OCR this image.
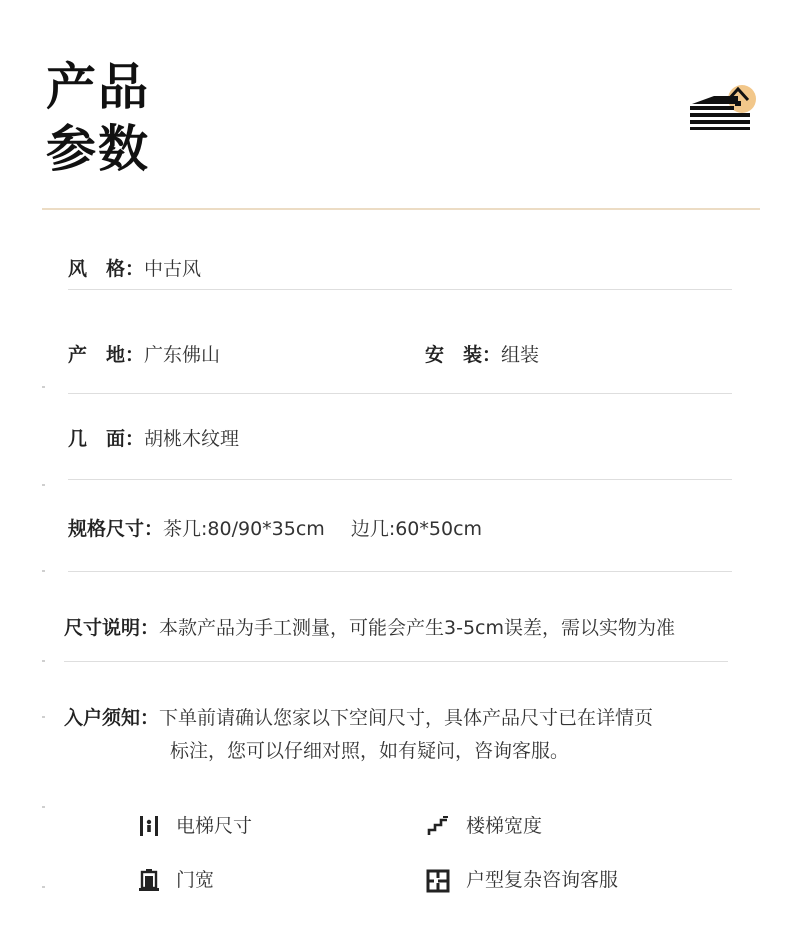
产品
参数
风　格：中古风
产　地：广东佛山	安　装：组装
几　面：胡桃木纹理
规格尺寸：茶几:80/90*35cm 边几:60*50cm
尺寸说明：本款产品为手工测量，可能会产生3-5cm误差，需以实物为准
入户须知：下单前请确认您家以下空间尺寸，具体产品尺寸已在详情页
标注，您可以仔细对照，如有疑问，咨询客服。
电梯尺寸	楼梯宽度
门宽	户型复杂咨询客服
